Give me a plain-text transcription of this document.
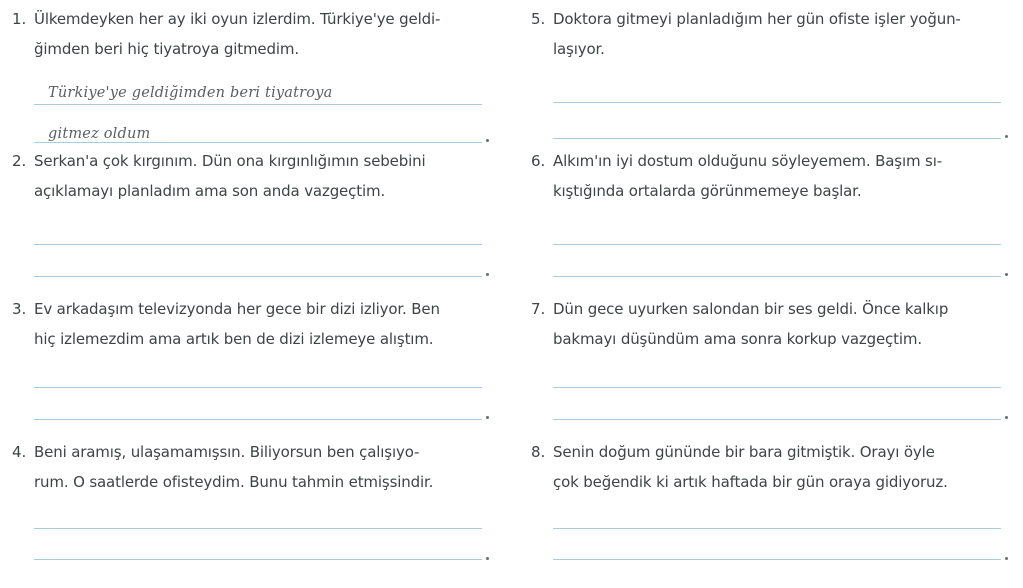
1. Ülkemdeyken her ay iki oyun izlerdim. Türkiye'ye geldi-
ğimden beri hiç tiyatroya gitmedim.
Türkiye'ye geldiğimden beri tiyatroya
gitmez oldum
2. Serkan'a çok kırgınım. Dün ona kırgınlığımın sebebini
açıklamayı planladım ama son anda vazgeçtim.
3. Ev arkadaşım televizyonda her gece bir dizi izliyor. Ben
hiç izlemezdim ama artık ben de dizi izlemeye alıştım.
4. Beni aramış, ulaşamamışsın. Biliyorsun ben çalışıyo-
rum. O saatlerde ofisteydim. Bunu tahmin etmişsindir.
5. Doktora gitmeyi planladığım her gün ofiste işler yoğun-
laşıyor.
6. Alkım'ın iyi dostum olduğunu söyleyemem. Başım sı-
kıştığında ortalarda görünmemeye başlar.
7. Dün gece uyurken salondan bir ses geldi. Önce kalkıp
bakmayı düşündüm ama sonra korkup vazgeçtim.
8. Senin doğum gününde bir bara gitmiştik. Orayı öyle
çok beğendik ki artık haftada bir gün oraya gidiyoruz.
